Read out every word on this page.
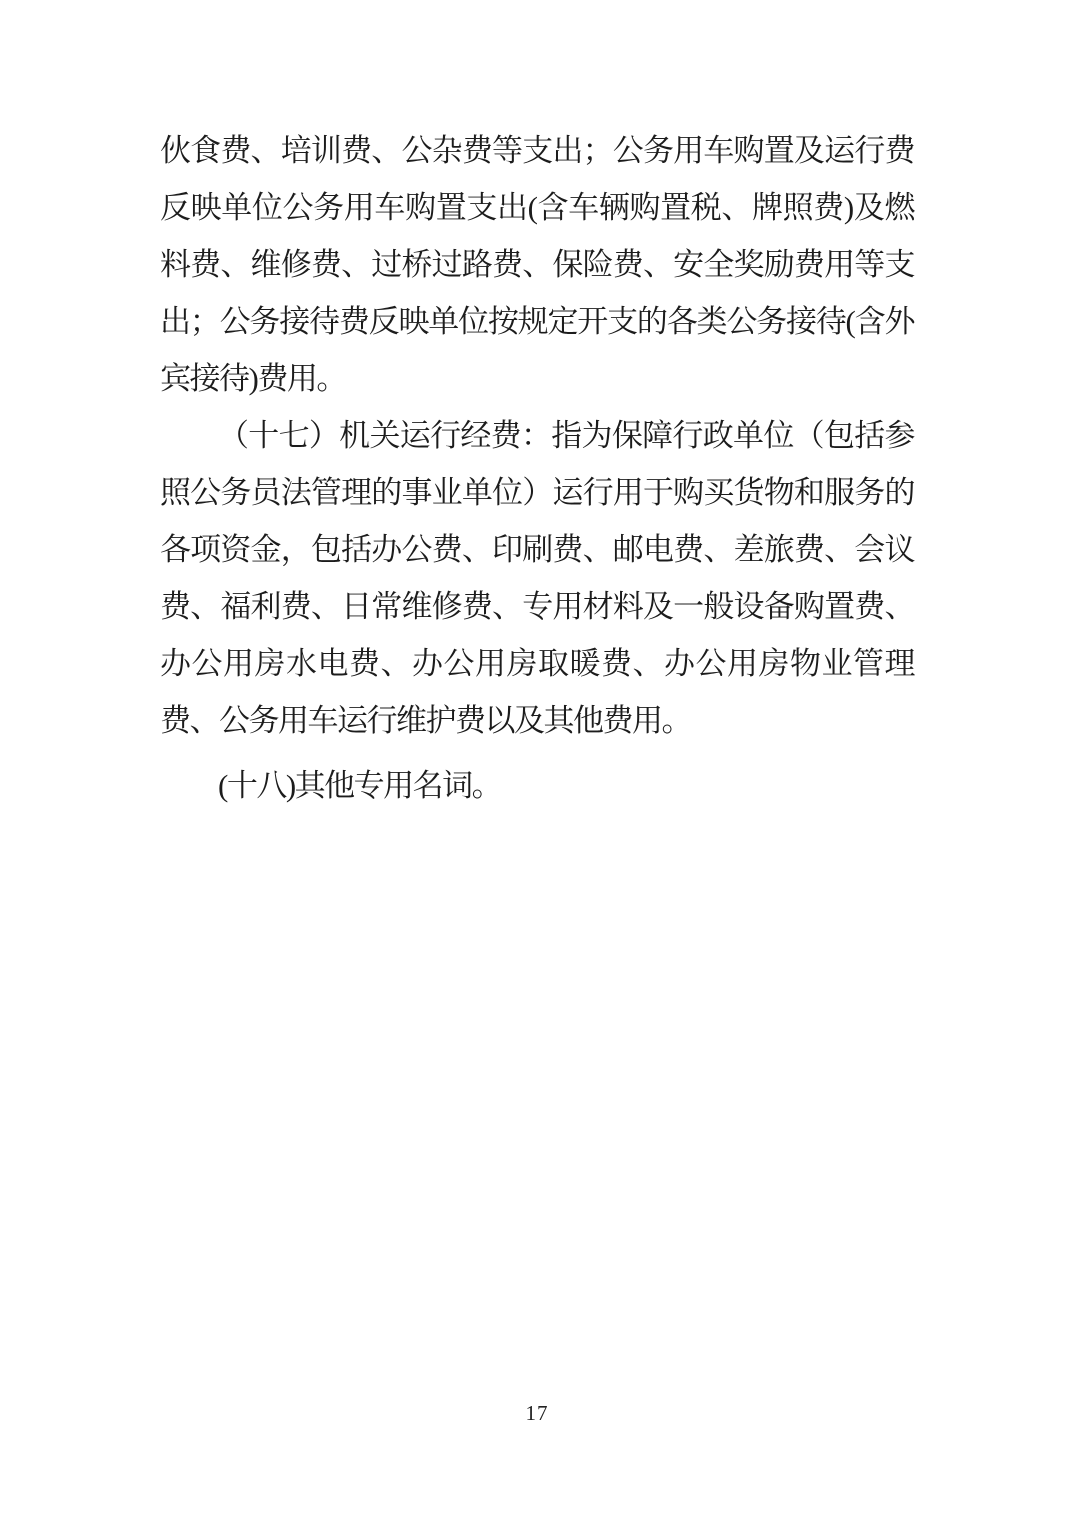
伙食费、培训费、公杂费等支出；公务用车购置及运行费反映单位公务用车购置支出(含车辆购置税、牌照费)及燃料费、维修费、过桥过路费、保险费、安全奖励费用等支出；公务接待费反映单位按规定开支的各类公务接待(含外宾接待)费用。

（十七）机关运行经费：指为保障行政单位（包括参照公务员法管理的事业单位）运行用于购买货物和服务的各项资金，包括办公费、印刷费、邮电费、差旅费、会议费、福利费、日常维修费、专用材料及一般设备购置费、办公用房水电费、办公用房取暖费、办公用房物业管理费、公务用车运行维护费以及其他费用。

(十八)其他专用名词。

17
